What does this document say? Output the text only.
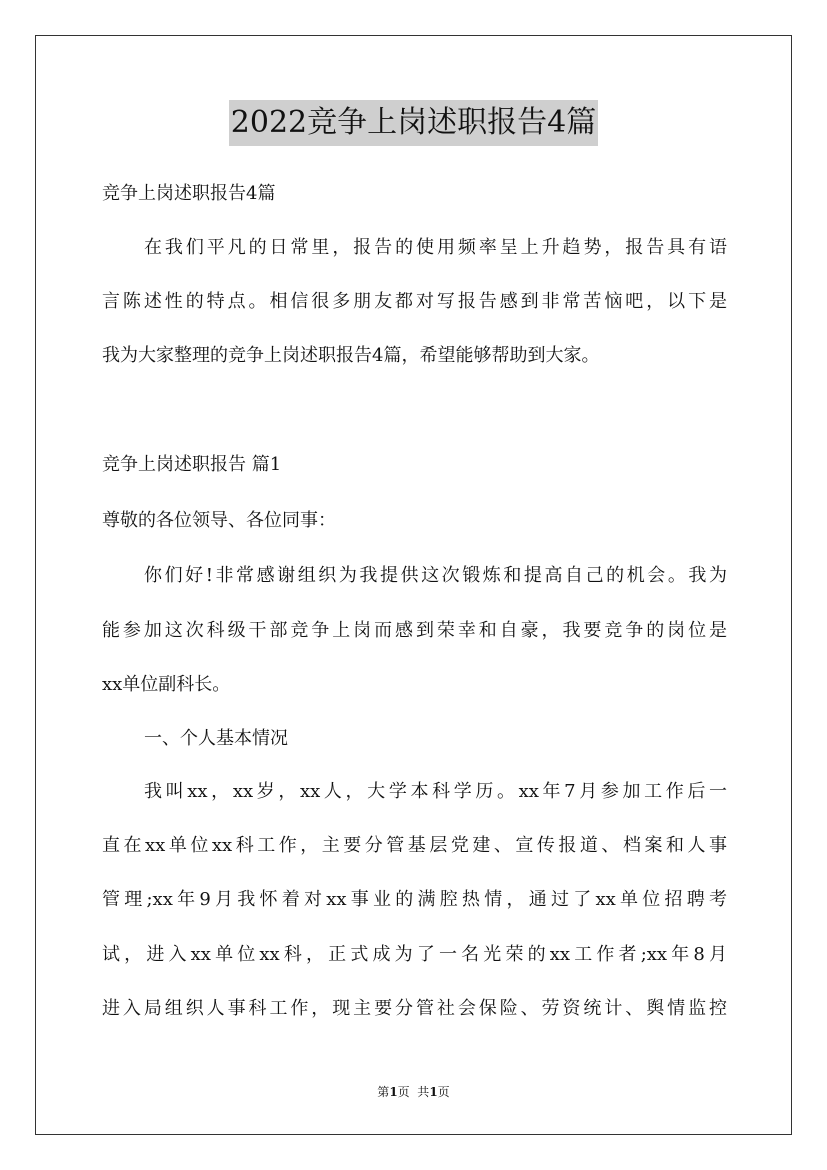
2022竞争上岗述职报告4篇
竞争上岗述职报告4篇
在我们平凡的日常里，报告的使用频率呈上升趋势，报告具有语
言陈述性的特点。相信很多朋友都对写报告感到非常苦恼吧，以下是
我为大家整理的竞争上岗述职报告4篇，希望能够帮助到大家。
竞争上岗述职报告 篇1
尊敬的各位领导、各位同事：
你们好!非常感谢组织为我提供这次锻炼和提高自己的机会。我为
能参加这次科级干部竞争上岗而感到荣幸和自豪，我要竞争的岗位是
xx单位副科长。
一、个人基本情况
我叫xx，xx岁，xx人，大学本科学历。xx年7月参加工作后一
直在xx单位xx科工作，主要分管基层党建、宣传报道、档案和人事
管理;xx年9月我怀着对xx事业的满腔热情，通过了xx单位招聘考
试，进入xx单位xx科，正式成为了一名光荣的xx工作者;xx年8月
进入局组织人事科工作，现主要分管社会保险、劳资统计、舆情监控
第1页  共1页
